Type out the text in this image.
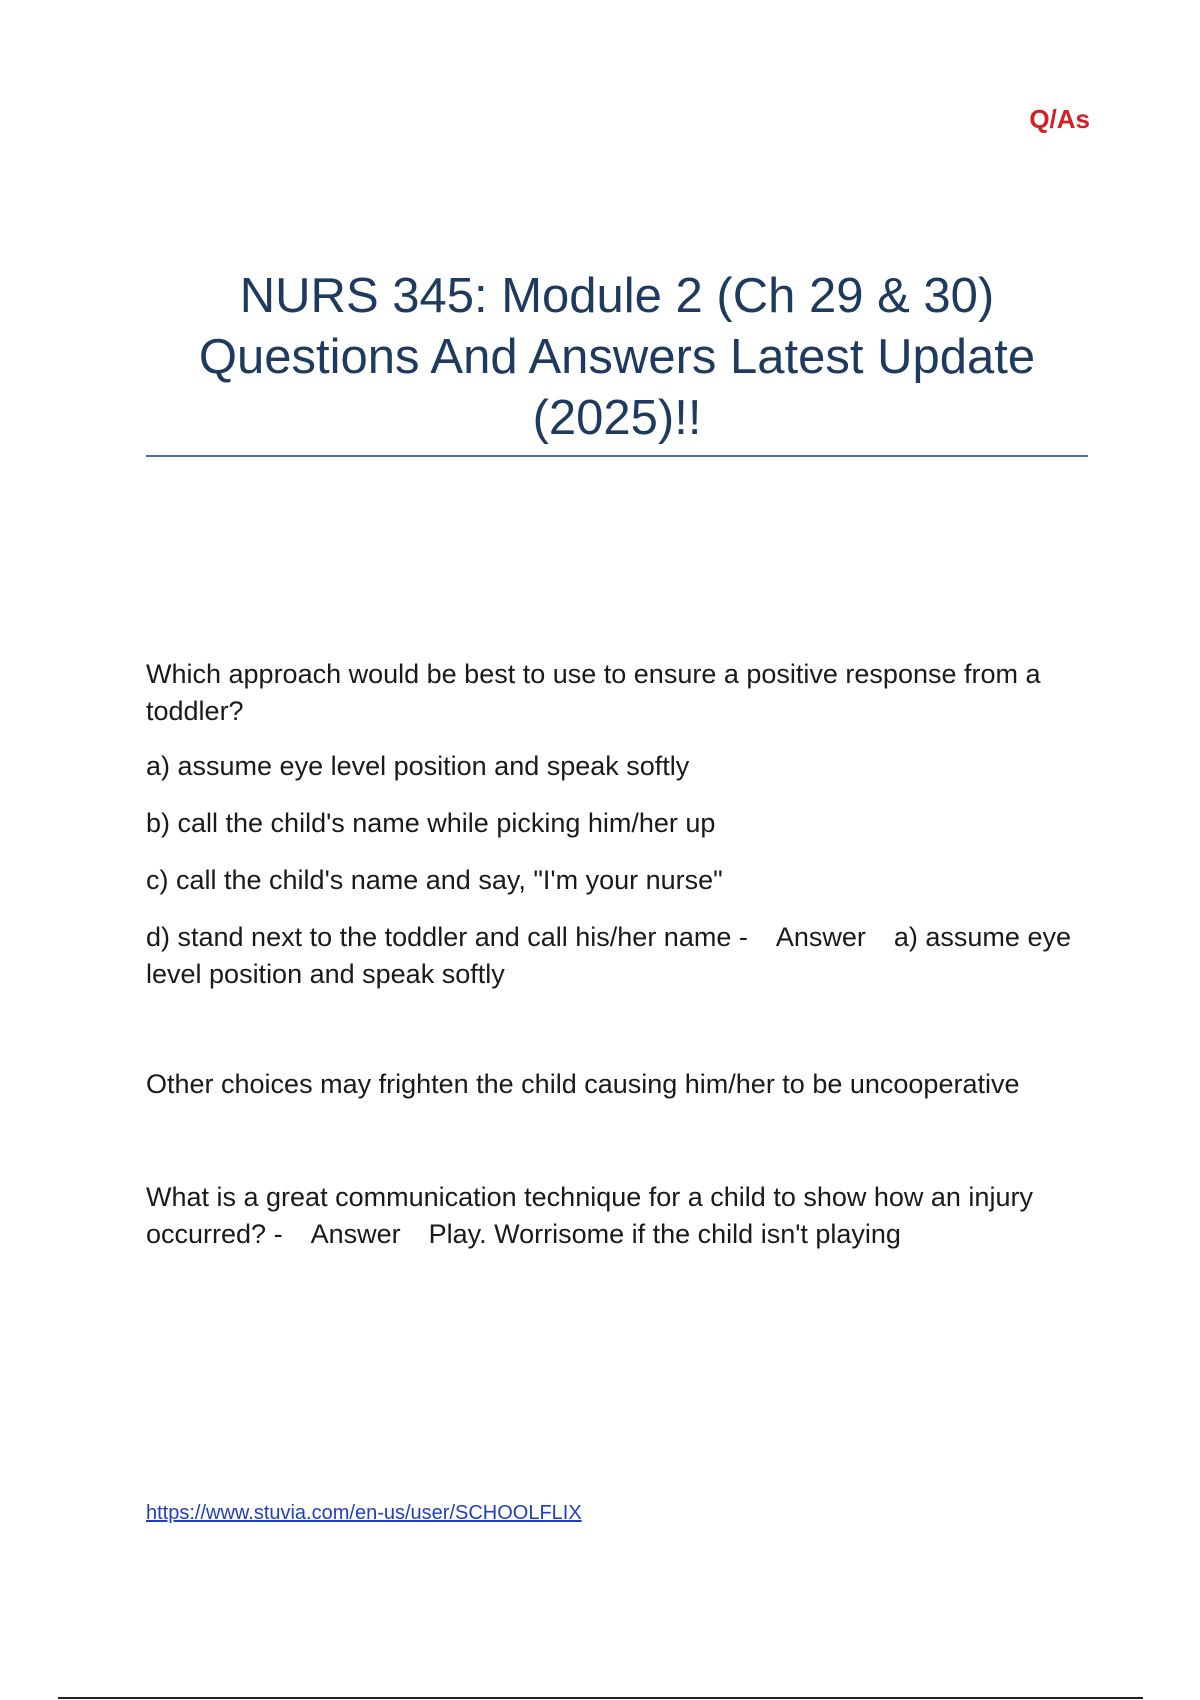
Q/As
NURS 345: Module 2 (Ch 29 & 30)
Questions And Answers Latest Update
(2025)!!

Which approach would be best to use to ensure a positive response from a toddler?

a) assume eye level position and speak softly

b) call the child's name while picking him/her up

c) call the child's name and say, "I'm your nurse"

d) stand next to the toddler and call his/her name - Answer a) assume eye level position and speak softly

Other choices may frighten the child causing him/her to be uncooperative

What is a great communication technique for a child to show how an injury occurred? - Answer Play. Worrisome if the child isn't playing

https://www.stuvia.com/en-us/user/SCHOOLFLIX
